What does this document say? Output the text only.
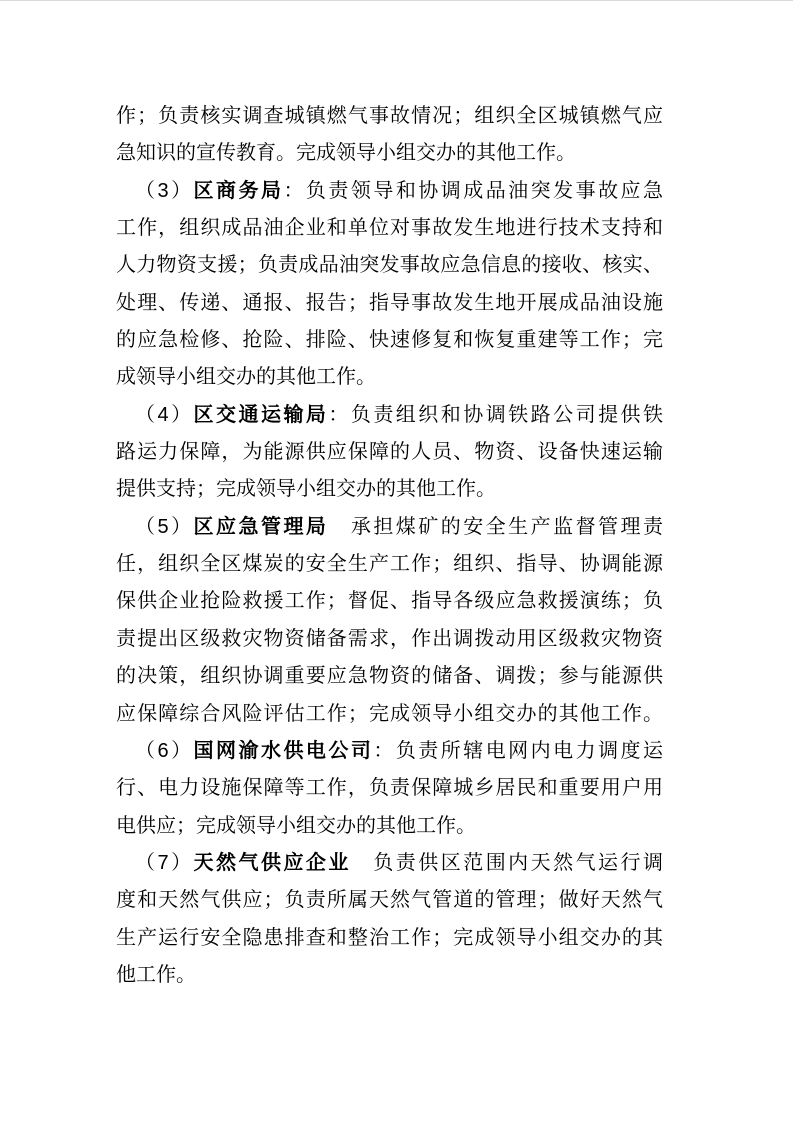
作；负责核实调查城镇燃气事故情况；组织全区城镇燃气应
急知识的宣传教育。完成领导小组交办的其他工作。
（3）区商务局：负责领导和协调成品油突发事故应急
工作，组织成品油企业和单位对事故发生地进行技术支持和
人力物资支援；负责成品油突发事故应急信息的接收、核实、
处理、传递、通报、报告；指导事故发生地开展成品油设施
的应急检修、抢险、排险、快速修复和恢复重建等工作；完
成领导小组交办的其他工作。
（4）区交通运输局：负责组织和协调铁路公司提供铁
路运力保障，为能源供应保障的人员、物资、设备快速运输
提供支持；完成领导小组交办的其他工作。
（5）区应急管理局　承担煤矿的安全生产监督管理责
任，组织全区煤炭的安全生产工作；组织、指导、协调能源
保供企业抢险救援工作；督促、指导各级应急救援演练；负
责提出区级救灾物资储备需求，作出调拨动用区级救灾物资
的决策，组织协调重要应急物资的储备、调拨；参与能源供
应保障综合风险评估工作；完成领导小组交办的其他工作。
（6）国网渝水供电公司：负责所辖电网内电力调度运
行、电力设施保障等工作，负责保障城乡居民和重要用户用
电供应；完成领导小组交办的其他工作。
（7）天然气供应企业　负责供区范围内天然气运行调
度和天然气供应；负责所属天然气管道的管理；做好天然气
生产运行安全隐患排查和整治工作；完成领导小组交办的其
他工作。
